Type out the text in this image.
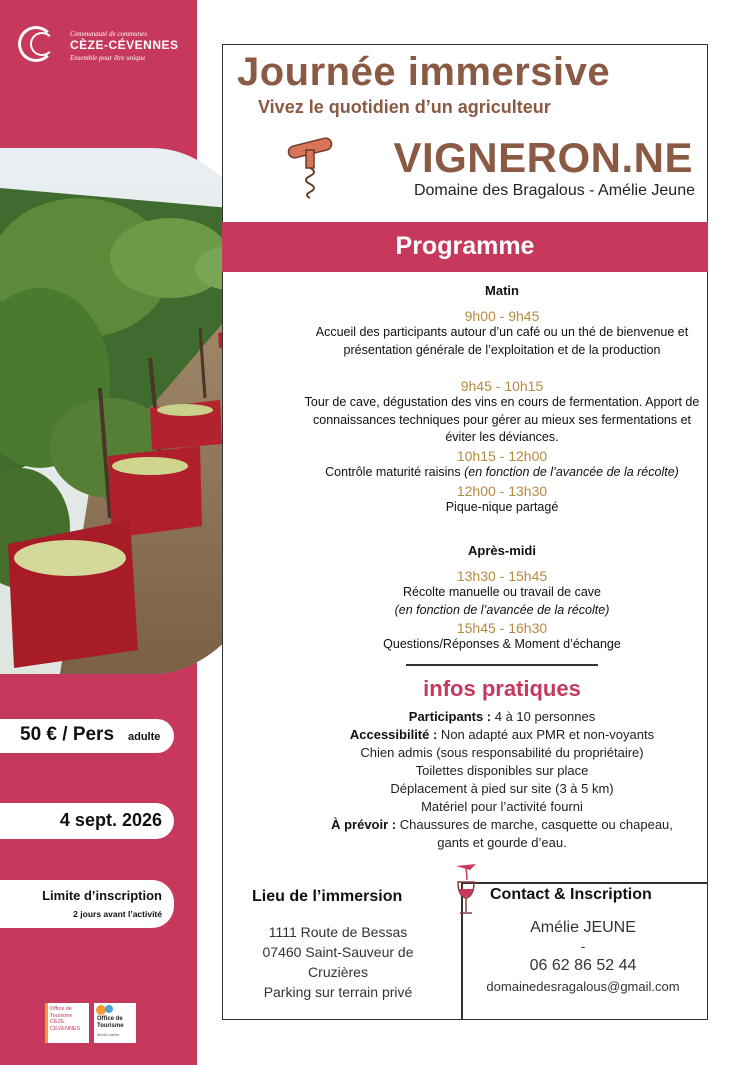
Communauté de communes
CÈZE-CÉVENNES
Ensemble pour être unique
50 € / Pers adulte
4 sept. 2026
Limite d’inscription
2 jours avant l’activité
Office de Tourisme
CÈZE
CÉVENNES
Office de
Tourisme
Mont-Lozère
Journée immersive
Vivez le quotidien d’un agriculteur
VIGNERON.NE
Domaine des Bragalous - Amélie Jeune
Programme
Matin
9h00 - 9h45
Accueil des participants autour d’un café ou un thé de bienvenue et présentation générale de l’exploitation et de la production
9h45 - 10h15
Tour de cave, dégustation des vins en cours de fermentation. Apport de connaissances techniques pour gérer au mieux ses fermentations et éviter les déviances.
10h15 - 12h00
Contrôle maturité raisins (en fonction de l’avancée de la récolte)
12h00 - 13h30
Pique-nique partagé
Après-midi
13h30 - 15h45
Récolte manuelle ou travail de cave
(en fonction de l’avancée de la récolte)
15h45 - 16h30
Questions/Réponses & Moment d’échange
infos pratiques
Participants : 4 à 10 personnes
Accessibilité : Non adapté aux PMR et non-voyants
Chien admis (sous responsabilité du propriétaire)
Toilettes disponibles sur place
Déplacement à pied sur site (3 à 5 km)
Matériel pour l’activité fourni
À prévoir : Chaussures de marche, casquette ou chapeau,
gants et gourde d’eau.
Lieu de l’immersion
1111 Route de Bessas
07460 Saint-Sauveur de
Cruzières
Parking sur terrain privé
Contact & Inscription
Amélie JEUNE
-
06 62 86 52 44
domainedesragalous@gmail.com
